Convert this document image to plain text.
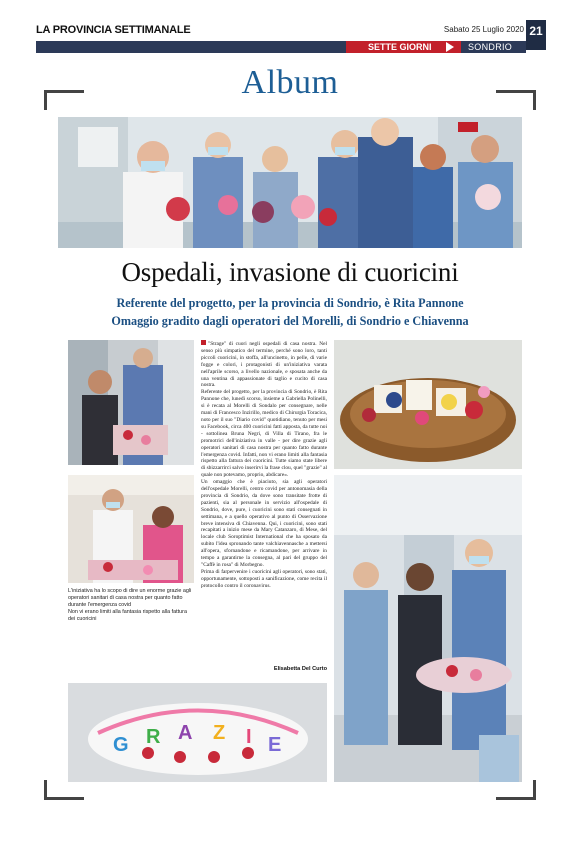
LA PROVINCIA SETTIMANALE	Sabato 25 Luglio 2020 21
SETTE GIORNI	SONDRIO
Album
Ospedali, invasione di cuoricini
Referente del progetto, per la provincia di Sondrio, è Rita Pannone
Omaggio gradito dagli operatori del Morelli, di Sondrio e Chiavenna

L'iniziativa ha lo scopo di dire un enorme grazie agli operatori sanitari di casa nostra per quanto fatto durante l'emergenza covid

Non vi erano limiti alla fantasia rispetto alla fattura dei cuoricini

"Strage" di cuori negli ospedali di casa nostra. Nel senso più simpatico del termine, perché sono loro, tanti piccoli cuoricini, in stoffa, all'uncinetto, in pelle, di varie fogge e colori, i protagonisti di un'iniziativa varata nell'aprile scorso, a livello nazionale, e sposata anche da una ventina di appassionate di taglio e cucito di casa nostra.

Referente del progetto, per la provincia di Sondrio, è Rita Pannone che, lunedì scorso, insieme a Gabriella Polinelli, si è recata al Morelli di Sondalo per consegnare, nelle mani di Francesco Inzirillo, medico di Chirurgia Toracica, noto per il suo "Diario covid" quotidiano, tenuto per mesi su Facebook, circa 400 cuoricini fatti apposta, da tutte noi - sottolinea Bruna Negri, di Villa di Tirano, fra le promotrici dell'iniziativa in valle - per dire grazie agli operatori sanitari di casa nostra per quanto fatto durante l'emergenza covid. Infatti, non vi erano limiti alla fantasia rispetto alla fattura dei cuoricini. Tutte siamo state libere di sbizzarrirci salvo inserirvi la frase clou, quel "grazie" al quale non potevamo, proprio, abdicare».

Un omaggio che è piaciuto, sia agli operatori dell'ospedale Morelli, centro covid per antonomasia della provincia di Sondrio, da dove sono transitate frotte di pazienti, sia al personale in servizio all'ospedale di Sondrio, dove, pure, i cuoricini sono stati consegnati in settimana, e a quello operativo al punto di Osservazione breve intensiva di Chiavenna. Qui, i cuoricini, sono stati recapitati a inizio mese da Mary Catanzaro, di Mese, del locale club Soroptimist International che ha sposato da subito l'idea spronando tante valchiavennasche a mettersi all'opera, sfornandone e ricamandone, per arrivare in tempo a garantirne la consegna, al pari del gruppo del "Caffè in rosa" di Morbegno.

Prima di farpervenire i cuoricini agli operatori, sono stati, opportunamente, sottoposti a sanificazione, come recita il protocollo contro il coronavirus.

Elisabetta Del Curto
G R A Z I E
